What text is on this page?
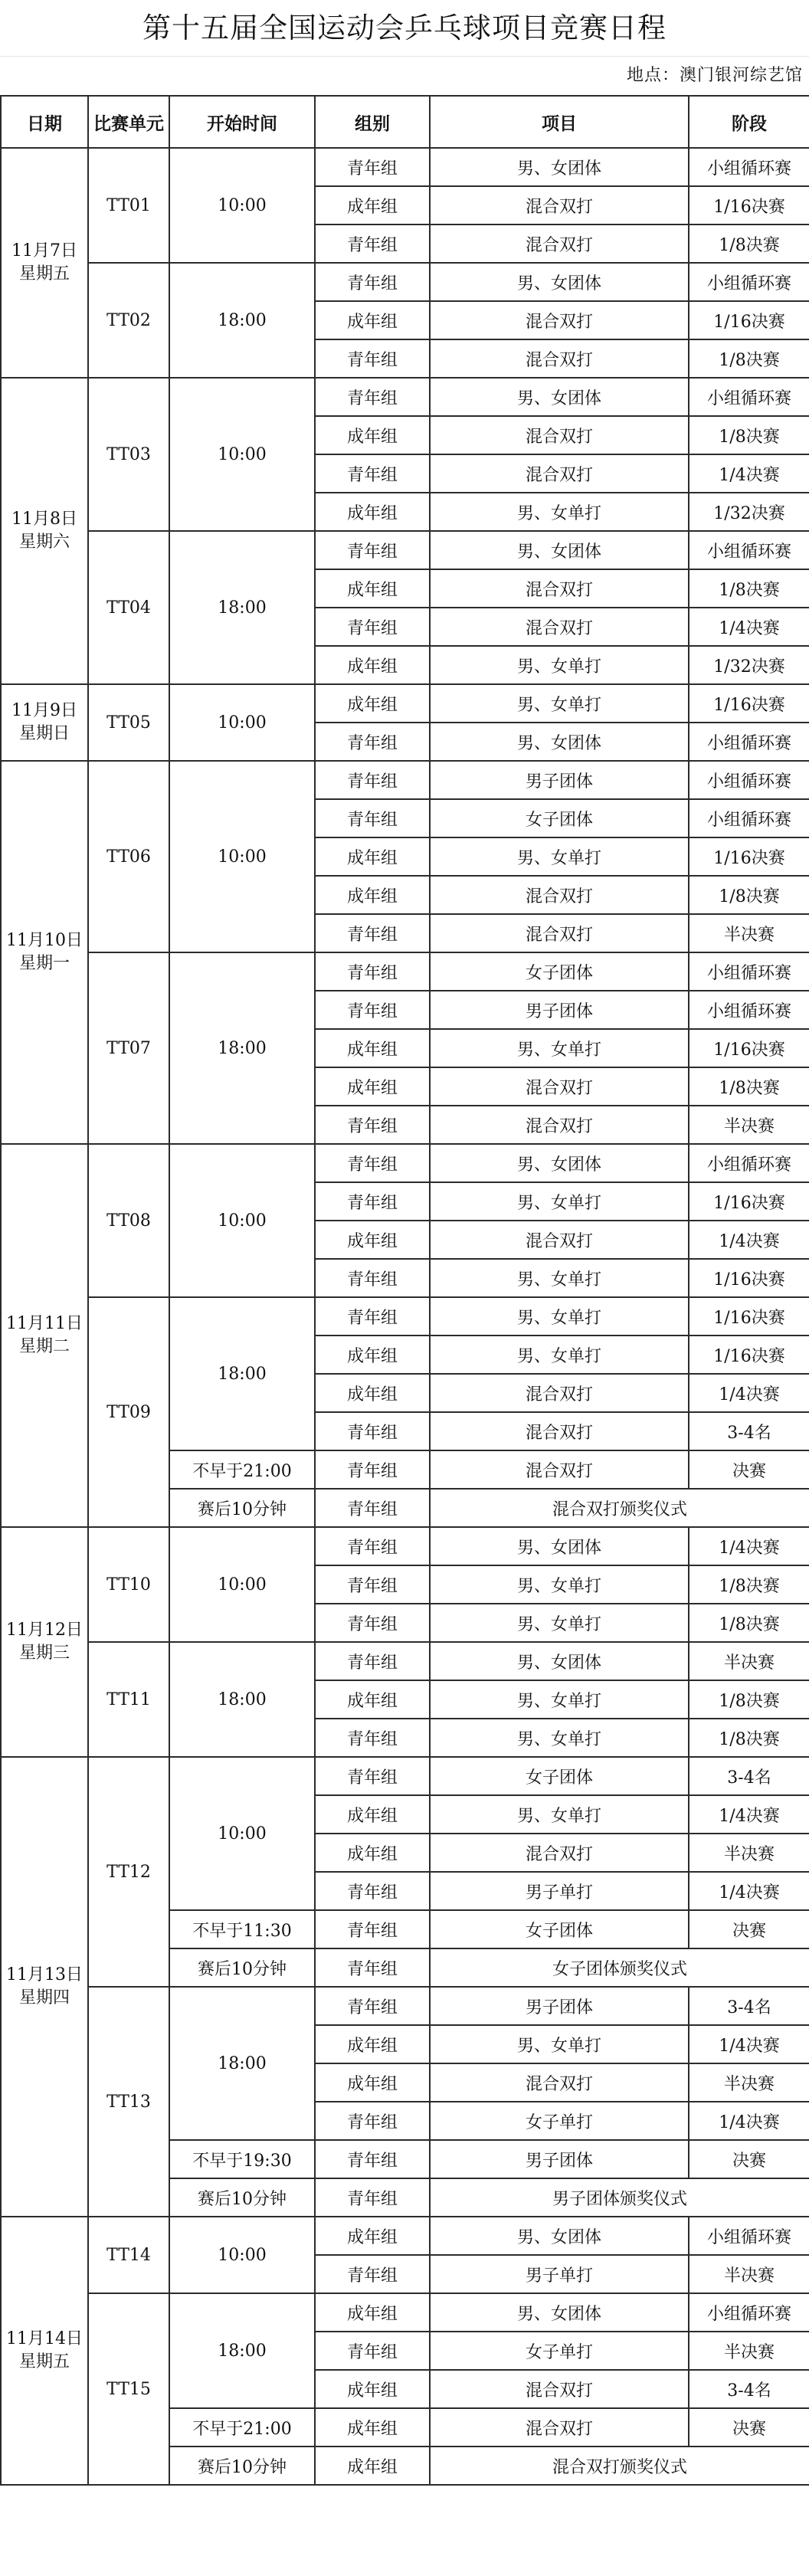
第十五届全国运动会乒乓球项目竞赛日程
地点：澳门银河综艺馆
日期	比赛单元	开始时间	组别	项目	阶段

11月7日
星期五	TT01	10:00	青年组	男、女团体	小组循环赛
			成年组	混合双打	1/16决赛
			青年组	混合双打	1/8决赛
	TT02	18:00	青年组	男、女团体	小组循环赛
			成年组	混合双打	1/16决赛
			青年组	混合双打	1/8决赛

11月8日
星期六	TT03	10:00	青年组	男、女团体	小组循环赛
			成年组	混合双打	1/8决赛
			青年组	混合双打	1/4决赛
			成年组	男、女单打	1/32决赛
	TT04	18:00	青年组	男、女团体	小组循环赛
			成年组	混合双打	1/8决赛
			青年组	混合双打	1/4决赛
			成年组	男、女单打	1/32决赛

11月9日
星期日	TT05	10:00	成年组	男、女单打	1/16决赛
			青年组	男、女团体	小组循环赛

11月10日
星期一	TT06	10:00	青年组	男子团体	小组循环赛
			青年组	女子团体	小组循环赛
			成年组	男、女单打	1/16决赛
			成年组	混合双打	1/8决赛
			青年组	混合双打	半决赛
	TT07	18:00	青年组	女子团体	小组循环赛
			青年组	男子团体	小组循环赛
			成年组	男、女单打	1/16决赛
			成年组	混合双打	1/8决赛
			青年组	混合双打	半决赛

11月11日
星期二	TT08	10:00	青年组	男、女团体	小组循环赛
			青年组	男、女单打	1/16决赛
			成年组	混合双打	1/4决赛
			青年组	男、女单打	1/16决赛
	TT09	18:00	青年组	男、女单打	1/16决赛
			成年组	男、女单打	1/16决赛
			成年组	混合双打	1/4决赛
			青年组	混合双打	3-4名
		不早于21:00	青年组	混合双打	决赛
		赛后10分钟	青年组	混合双打颁奖仪式	

11月12日
星期三	TT10	10:00	青年组	男、女团体	1/4决赛
			青年组	男、女单打	1/8决赛
			青年组	男、女单打	1/8决赛
	TT11	18:00	青年组	男、女团体	半决赛
			成年组	男、女单打	1/8决赛
			青年组	男、女单打	1/8决赛

11月13日
星期四	TT12	10:00	青年组	女子团体	3-4名
			成年组	男、女单打	1/4决赛
			成年组	混合双打	半决赛
			青年组	男子单打	1/4决赛
		不早于11:30	青年组	女子团体	决赛
		赛后10分钟	青年组	女子团体颁奖仪式	
	TT13	18:00	青年组	男子团体	3-4名
			成年组	男、女单打	1/4决赛
			成年组	混合双打	半决赛
			青年组	女子单打	1/4决赛
		不早于19:30	青年组	男子团体	决赛
		赛后10分钟	青年组	男子团体颁奖仪式	

11月14日
星期五	TT14	10:00	成年组	男、女团体	小组循环赛
			青年组	男子单打	半决赛
	TT15	18:00	成年组	男、女团体	小组循环赛
			青年组	女子单打	半决赛
			成年组	混合双打	3-4名
		不早于21:00	成年组	混合双打	决赛
		赛后10分钟	成年组	混合双打颁奖仪式	
